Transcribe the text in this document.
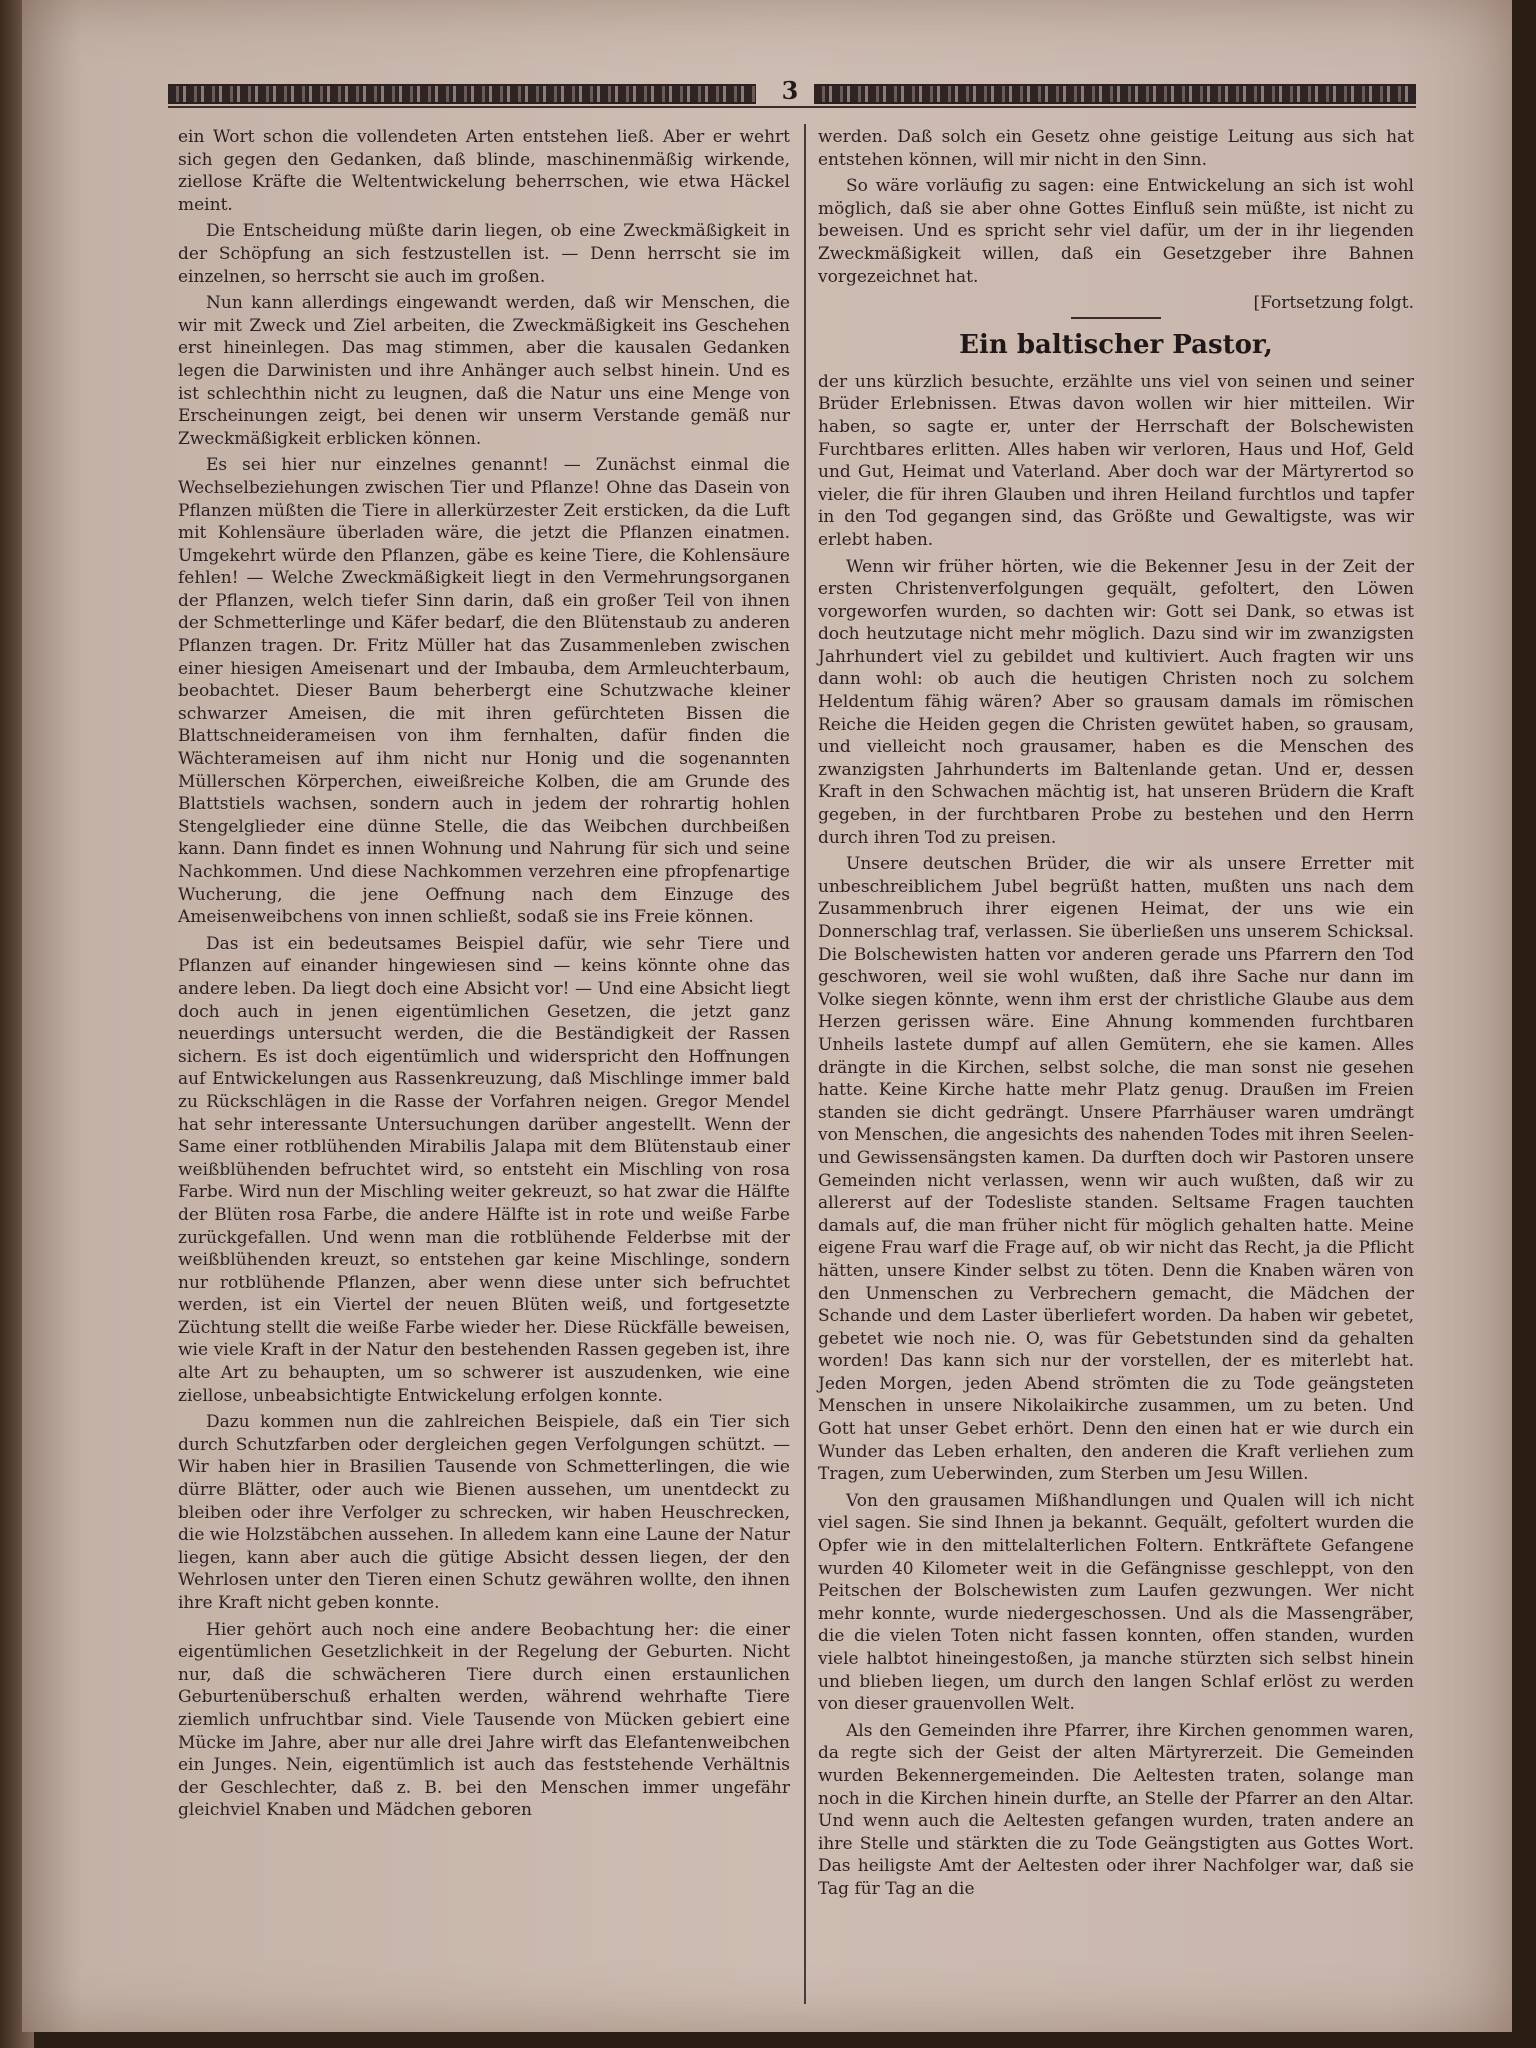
3

ein Wort schon die vollendeten Arten entstehen ließ. Aber er wehrt sich gegen den Gedanken, daß blinde, maschinenmäßig wirkende, ziellose Kräfte die Weltentwickelung beherrschen, wie etwa Häckel meint.

Die Entscheidung müßte darin liegen, ob eine Zweckmäßigkeit in der Schöpfung an sich festzustellen ist. — Denn herrscht sie im einzelnen, so herrscht sie auch im großen.

Nun kann allerdings eingewandt werden, daß wir Menschen, die wir mit Zweck und Ziel arbeiten, die Zweckmäßigkeit ins Geschehen erst hineinlegen. Das mag stimmen, aber die kausalen Gedanken legen die Darwinisten und ihre Anhänger auch selbst hinein. Und es ist schlechthin nicht zu leugnen, daß die Natur uns eine Menge von Erscheinungen zeigt, bei denen wir unserm Verstande gemäß nur Zweckmäßigkeit erblicken können.

Es sei hier nur einzelnes genannt! — Zunächst einmal die Wechselbeziehungen zwischen Tier und Pflanze! Ohne das Dasein von Pflanzen müßten die Tiere in allerkürzester Zeit ersticken, da die Luft mit Kohlensäure überladen wäre, die jetzt die Pflanzen einatmen. Umgekehrt würde den Pflanzen, gäbe es keine Tiere, die Kohlensäure fehlen! — Welche Zweckmäßigkeit liegt in den Vermehrungsorganen der Pflanzen, welch tiefer Sinn darin, daß ein großer Teil von ihnen der Schmetterlinge und Käfer bedarf, die den Blütenstaub zu anderen Pflanzen tragen. Dr. Fritz Müller hat das Zusammenleben zwischen einer hiesigen Ameisenart und der Imbauba, dem Armleuchterbaum, beobachtet. Dieser Baum beherbergt eine Schutzwache kleiner schwarzer Ameisen, die mit ihren gefürchteten Bissen die Blattschneiderameisen von ihm fernhalten, dafür finden die Wächterameisen auf ihm nicht nur Honig und die sogenannten Müllerschen Körperchen, eiweißreiche Kolben, die am Grunde des Blattstiels wachsen, sondern auch in jedem der rohrartig hohlen Stengelglieder eine dünne Stelle, die das Weibchen durchbeißen kann. Dann findet es innen Wohnung und Nahrung für sich und seine Nachkommen. Und diese Nachkommen verzehren eine pfropfenartige Wucherung, die jene Oeffnung nach dem Einzuge des Ameisenweibchens von innen schließt, sodaß sie ins Freie können.

Das ist ein bedeutsames Beispiel dafür, wie sehr Tiere und Pflanzen auf einander hingewiesen sind — keins könnte ohne das andere leben. Da liegt doch eine Absicht vor! — Und eine Absicht liegt doch auch in jenen eigentümlichen Gesetzen, die jetzt ganz neuerdings untersucht werden, die die Beständigkeit der Rassen sichern. Es ist doch eigentümlich und widerspricht den Hoffnungen auf Entwickelungen aus Rassenkreuzung, daß Mischlinge immer bald zu Rückschlägen in die Rasse der Vorfahren neigen. Gregor Mendel hat sehr interessante Untersuchungen darüber angestellt. Wenn der Same einer rotblühenden Mirabilis Jalapa mit dem Blütenstaub einer weißblühenden befruchtet wird, so entsteht ein Mischling von rosa Farbe. Wird nun der Mischling weiter gekreuzt, so hat zwar die Hälfte der Blüten rosa Farbe, die andere Hälfte ist in rote und weiße Farbe zurückgefallen. Und wenn man die rotblühende Felderbse mit der weißblühenden kreuzt, so entstehen gar keine Mischlinge, sondern nur rotblühende Pflanzen, aber wenn diese unter sich befruchtet werden, ist ein Viertel der neuen Blüten weiß, und fortgesetzte Züchtung stellt die weiße Farbe wieder her. Diese Rückfälle beweisen, wie viele Kraft in der Natur den bestehenden Rassen gegeben ist, ihre alte Art zu behaupten, um so schwerer ist auszudenken, wie eine ziellose, unbeabsichtigte Entwickelung erfolgen konnte.

Dazu kommen nun die zahlreichen Beispiele, daß ein Tier sich durch Schutzfarben oder dergleichen gegen Verfolgungen schützt. — Wir haben hier in Brasilien Tausende von Schmetterlingen, die wie dürre Blätter, oder auch wie Bienen aussehen, um unentdeckt zu bleiben oder ihre Verfolger zu schrecken, wir haben Heuschrecken, die wie Holzstäbchen aussehen. In alledem kann eine Laune der Natur liegen, kann aber auch die gütige Absicht dessen liegen, der den Wehrlosen unter den Tieren einen Schutz gewähren wollte, den ihnen ihre Kraft nicht geben konnte.

Hier gehört auch noch eine andere Beobachtung her: die einer eigentümlichen Gesetzlichkeit in der Regelung der Geburten. Nicht nur, daß die schwächeren Tiere durch einen erstaunlichen Geburtenüberschuß erhalten werden, während wehrhafte Tiere ziemlich unfruchtbar sind. Viele Tausende von Mücken gebiert eine Mücke im Jahre, aber nur alle drei Jahre wirft das Elefantenweibchen ein Junges. Nein, eigentümlich ist auch das feststehende Verhältnis der Geschlechter, daß z. B. bei den Menschen immer ungefähr gleichviel Knaben und Mädchen geboren

werden. Daß solch ein Gesetz ohne geistige Leitung aus sich hat entstehen können, will mir nicht in den Sinn.

So wäre vorläufig zu sagen: eine Entwickelung an sich ist wohl möglich, daß sie aber ohne Gottes Einfluß sein müßte, ist nicht zu beweisen. Und es spricht sehr viel dafür, um der in ihr liegenden Zweckmäßigkeit willen, daß ein Gesetzgeber ihre Bahnen vorgezeichnet hat.

[Fortsetzung folgt.
Ein baltischer Pastor,

der uns kürzlich besuchte, erzählte uns viel von seinen und seiner Brüder Erlebnissen. Etwas davon wollen wir hier mitteilen. Wir haben, so sagte er, unter der Herrschaft der Bolschewisten Furchtbares erlitten. Alles haben wir verloren, Haus und Hof, Geld und Gut, Heimat und Vaterland. Aber doch war der Märtyrertod so vieler, die für ihren Glauben und ihren Heiland furchtlos und tapfer in den Tod gegangen sind, das Größte und Gewaltigste, was wir erlebt haben.

Wenn wir früher hörten, wie die Bekenner Jesu in der Zeit der ersten Christenverfolgungen gequält, gefoltert, den Löwen vorgeworfen wurden, so dachten wir: Gott sei Dank, so etwas ist doch heutzutage nicht mehr möglich. Dazu sind wir im zwanzigsten Jahrhundert viel zu gebildet und kultiviert. Auch fragten wir uns dann wohl: ob auch die heutigen Christen noch zu solchem Heldentum fähig wären? Aber so grausam damals im römischen Reiche die Heiden gegen die Christen gewütet haben, so grausam, und vielleicht noch grausamer, haben es die Menschen des zwanzigsten Jahrhunderts im Baltenlande getan. Und er, dessen Kraft in den Schwachen mächtig ist, hat unseren Brüdern die Kraft gegeben, in der furchtbaren Probe zu bestehen und den Herrn durch ihren Tod zu preisen.

Unsere deutschen Brüder, die wir als unsere Erretter mit unbeschreiblichem Jubel begrüßt hatten, mußten uns nach dem Zusammenbruch ihrer eigenen Heimat, der uns wie ein Donnerschlag traf, verlassen. Sie überließen uns unserem Schicksal. Die Bolschewisten hatten vor anderen gerade uns Pfarrern den Tod geschworen, weil sie wohl wußten, daß ihre Sache nur dann im Volke siegen könnte, wenn ihm erst der christliche Glaube aus dem Herzen gerissen wäre. Eine Ahnung kommenden furchtbaren Unheils lastete dumpf auf allen Gemütern, ehe sie kamen. Alles drängte in die Kirchen, selbst solche, die man sonst nie gesehen hatte. Keine Kirche hatte mehr Platz genug. Draußen im Freien standen sie dicht gedrängt. Unsere Pfarrhäuser waren umdrängt von Menschen, die angesichts des nahenden Todes mit ihren Seelen- und Gewissensängsten kamen. Da durften doch wir Pastoren unsere Gemeinden nicht verlassen, wenn wir auch wußten, daß wir zu allererst auf der Todesliste standen. Seltsame Fragen tauchten damals auf, die man früher nicht für möglich gehalten hatte. Meine eigene Frau warf die Frage auf, ob wir nicht das Recht, ja die Pflicht hätten, unsere Kinder selbst zu töten. Denn die Knaben wären von den Unmenschen zu Verbrechern gemacht, die Mädchen der Schande und dem Laster überliefert worden. Da haben wir gebetet, gebetet wie noch nie. O, was für Gebetstunden sind da gehalten worden! Das kann sich nur der vorstellen, der es miterlebt hat. Jeden Morgen, jeden Abend strömten die zu Tode geängsteten Menschen in unsere Nikolaikirche zusammen, um zu beten. Und Gott hat unser Gebet erhört. Denn den einen hat er wie durch ein Wunder das Leben erhalten, den anderen die Kraft verliehen zum Tragen, zum Ueberwinden, zum Sterben um Jesu Willen.

Von den grausamen Mißhandlungen und Qualen will ich nicht viel sagen. Sie sind Ihnen ja bekannt. Gequält, gefoltert wurden die Opfer wie in den mittelalterlichen Foltern. Entkräftete Gefangene wurden 40 Kilometer weit in die Gefängnisse geschleppt, von den Peitschen der Bolschewisten zum Laufen gezwungen. Wer nicht mehr konnte, wurde niedergeschossen. Und als die Massengräber, die die vielen Toten nicht fassen konnten, offen standen, wurden viele halbtot hineingestoßen, ja manche stürzten sich selbst hinein und blieben liegen, um durch den langen Schlaf erlöst zu werden von dieser grauenvollen Welt.

Als den Gemeinden ihre Pfarrer, ihre Kirchen genommen waren, da regte sich der Geist der alten Märtyrerzeit. Die Gemeinden wurden Bekennergemeinden. Die Aeltesten traten, solange man noch in die Kirchen hinein durfte, an Stelle der Pfarrer an den Altar. Und wenn auch die Aeltesten gefangen wurden, traten andere an ihre Stelle und stärkten die zu Tode Geängstigten aus Gottes Wort. Das heiligste Amt der Aeltesten oder ihrer Nachfolger war, daß sie Tag für Tag an die
